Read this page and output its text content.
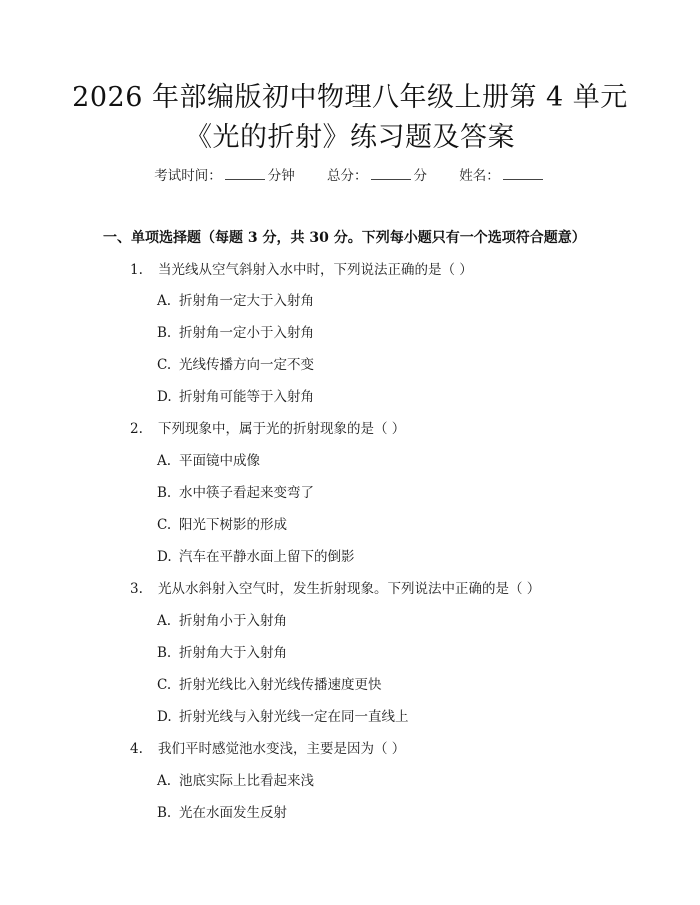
2026 年部编版初中物理八年级上册第 4 单元
《光的折射》练习题及答案
考试时间：	分钟 总分：	分 姓名：
一、单项选择题（每题 3 分，共 30 分。下列每小题只有一个选项符合题意）
1. 当光线从空气斜射入水中时，下列说法正确的是（ ）
A. 折射角一定大于入射角
B. 折射角一定小于入射角
C. 光线传播方向一定不变
D. 折射角可能等于入射角
2. 下列现象中，属于光的折射现象的是（ ）
A. 平面镜中成像
B. 水中筷子看起来变弯了
C. 阳光下树影的形成
D. 汽车在平静水面上留下的倒影
3. 光从水斜射入空气时，发生折射现象。下列说法中正确的是（ ）
A. 折射角小于入射角
B. 折射角大于入射角
C. 折射光线比入射光线传播速度更快
D. 折射光线与入射光线一定在同一直线上
4. 我们平时感觉池水变浅，主要是因为（ ）
A. 池底实际上比看起来浅
B. 光在水面发生反射
